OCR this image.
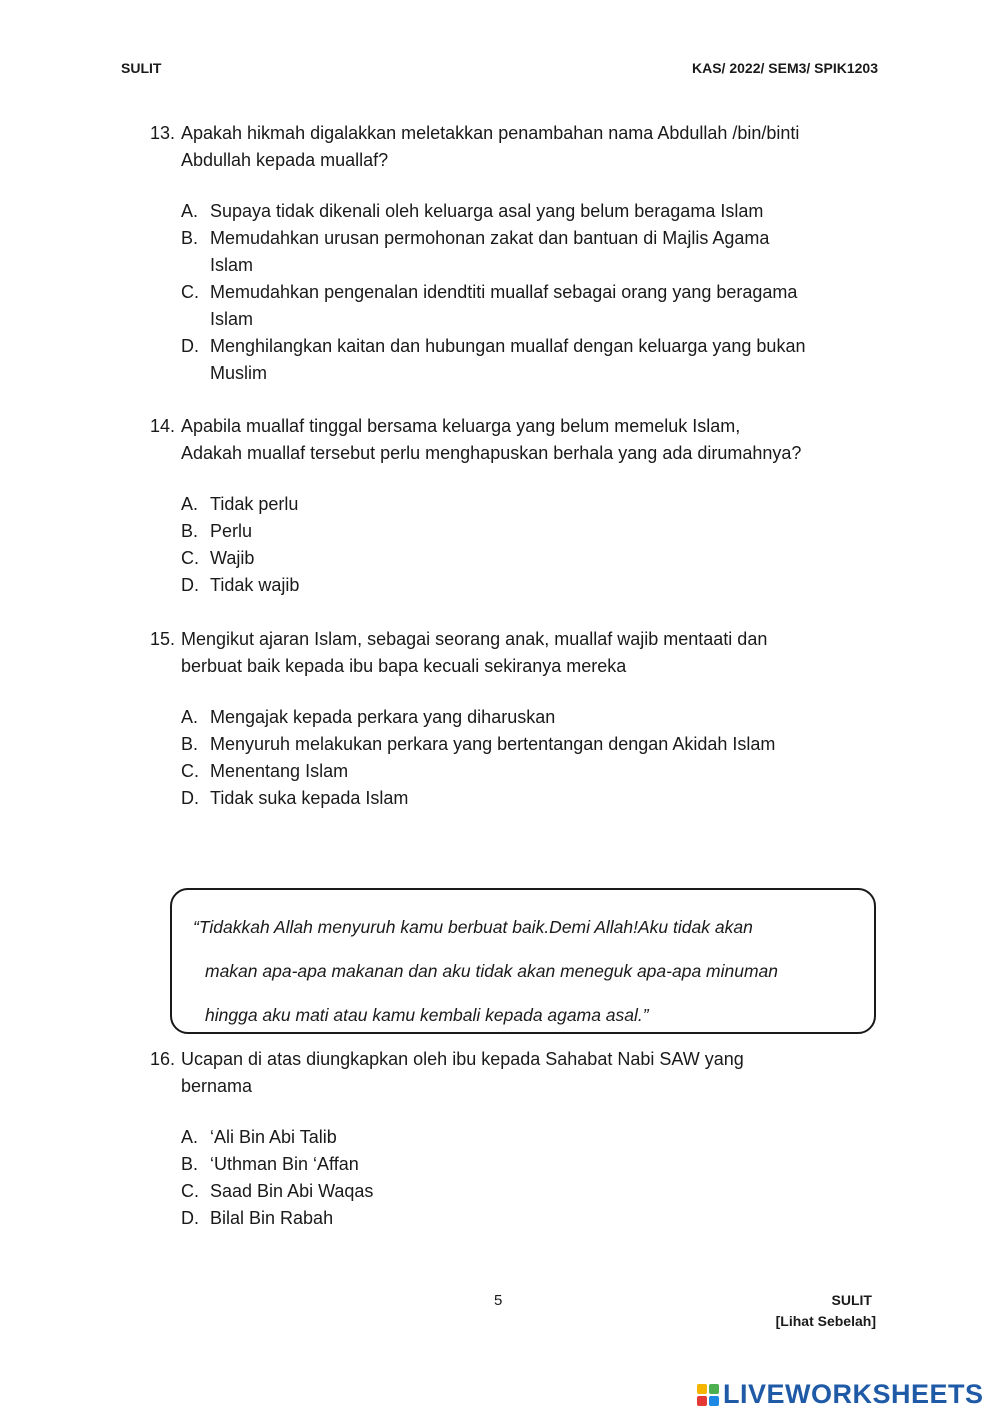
SULIT	KAS/ 2022/ SEM3/ SPIK1203
13. Apakah hikmah digalakkan meletakkan penambahan nama Abdullah /bin/binti
Abdullah kepada muallaf?
A. Supaya tidak dikenali oleh keluarga asal yang belum beragama Islam
B. Memudahkan urusan permohonan zakat dan bantuan di Majlis Agama
Islam
C. Memudahkan pengenalan idendtiti muallaf sebagai orang yang beragama
Islam
D. Menghilangkan kaitan dan hubungan muallaf dengan keluarga yang bukan
Muslim
14. Apabila muallaf tinggal bersama keluarga yang belum memeluk Islam,
Adakah muallaf tersebut perlu menghapuskan berhala yang ada dirumahnya?
A. Tidak perlu
B. Perlu
C. Wajib
D. Tidak wajib
15. Mengikut ajaran Islam, sebagai seorang anak, muallaf wajib mentaati dan
berbuat baik kepada ibu bapa kecuali sekiranya mereka
A. Mengajak kepada perkara yang diharuskan
B. Menyuruh melakukan perkara yang bertentangan dengan Akidah Islam
C. Menentang Islam
D. Tidak suka kepada Islam
“Tidakkah Allah menyuruh kamu berbuat baik.Demi Allah!Aku tidak akan
makan apa-apa makanan dan aku tidak akan meneguk apa-apa minuman
hingga aku mati atau kamu kembali kepada agama asal.”
16. Ucapan di atas diungkapkan oleh ibu kepada Sahabat Nabi SAW yang
bernama
A. ‘Ali Bin Abi Talib
B. ‘Uthman Bin ‘Affan
C. Saad Bin Abi Waqas
D. Bilal Bin Rabah
5	SULIT
[Lihat Sebelah]
LIVEWORKSHEETS
